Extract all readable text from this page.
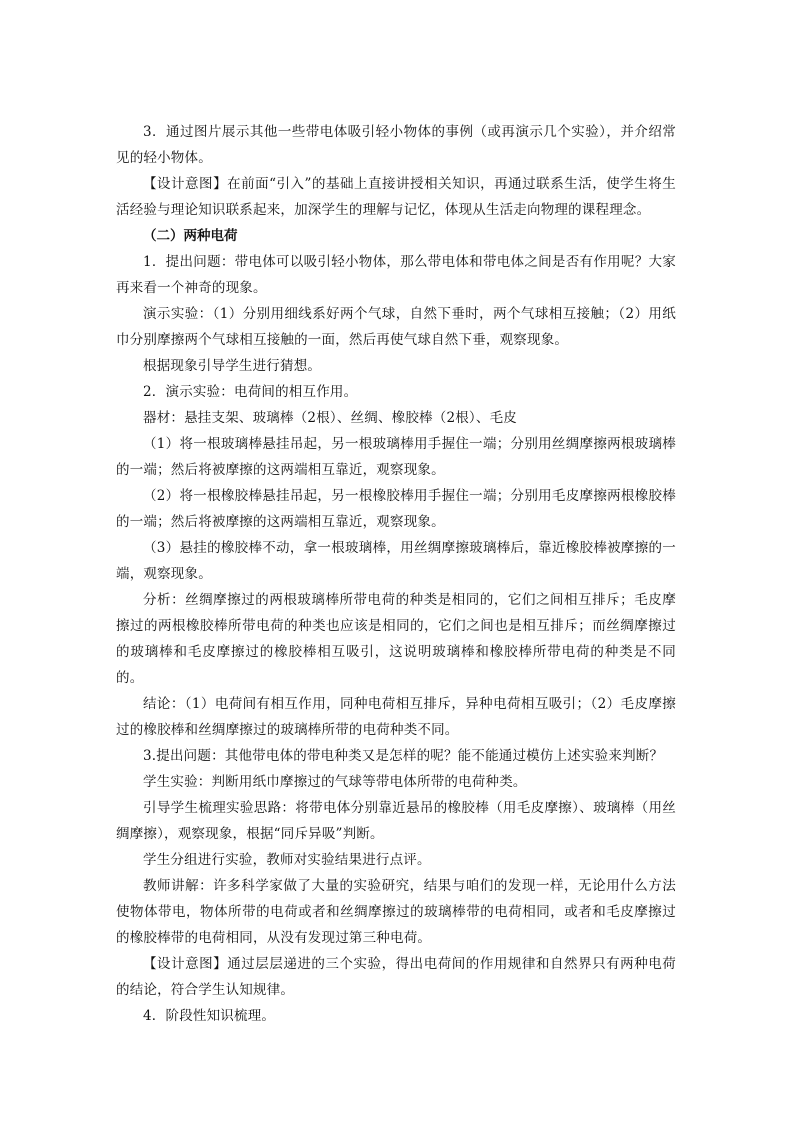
3．通过图片展示其他一些带电体吸引轻小物体的事例（或再演示几个实验），并介绍常见的轻小物体。

【设计意图】在前面“引入”的基础上直接讲授相关知识，再通过联系生活，使学生将生活经验与理论知识联系起来，加深学生的理解与记忆，体现从生活走向物理的课程理念。

（二）两种电荷

1．提出问题：带电体可以吸引轻小物体，那么带电体和带电体之间是否有作用呢？大家再来看一个神奇的现象。

演示实验：（1）分别用细线系好两个气球，自然下垂时，两个气球相互接触；（2）用纸巾分别摩擦两个气球相互接触的一面，然后再使气球自然下垂，观察现象。

根据现象引导学生进行猜想。

2．演示实验：电荷间的相互作用。

器材：悬挂支架、玻璃棒（2根）、丝绸、橡胶棒（2根）、毛皮

（1）将一根玻璃棒悬挂吊起，另一根玻璃棒用手握住一端；分别用丝绸摩擦两根玻璃棒的一端；然后将被摩擦的这两端相互靠近，观察现象。

（2）将一根橡胶棒悬挂吊起，另一根橡胶棒用手握住一端；分别用毛皮摩擦两根橡胶棒的一端；然后将被摩擦的这两端相互靠近，观察现象。

（3）悬挂的橡胶棒不动，拿一根玻璃棒，用丝绸摩擦玻璃棒后，靠近橡胶棒被摩擦的一端，观察现象。

分析：丝绸摩擦过的两根玻璃棒所带电荷的种类是相同的，它们之间相互排斥；毛皮摩擦过的两根橡胶棒所带电荷的种类也应该是相同的，它们之间也是相互排斥；而丝绸摩擦过的玻璃棒和毛皮摩擦过的橡胶棒相互吸引，这说明玻璃棒和橡胶棒所带电荷的种类是不同的。

结论：（1）电荷间有相互作用，同种电荷相互排斥，异种电荷相互吸引；（2）毛皮摩擦过的橡胶棒和丝绸摩擦过的玻璃棒所带的电荷种类不同。

3.提出问题：其他带电体的带电种类又是怎样的呢？能不能通过模仿上述实验来判断？

学生实验：判断用纸巾摩擦过的气球等带电体所带的电荷种类。

引导学生梳理实验思路：将带电体分别靠近悬吊的橡胶棒（用毛皮摩擦）、玻璃棒（用丝绸摩擦），观察现象，根据“同斥异吸”判断。

学生分组进行实验，教师对实验结果进行点评。

教师讲解：许多科学家做了大量的实验研究，结果与咱们的发现一样，无论用什么方法使物体带电，物体所带的电荷或者和丝绸摩擦过的玻璃棒带的电荷相同，或者和毛皮摩擦过的橡胶棒带的电荷相同，从没有发现过第三种电荷。

【设计意图】通过层层递进的三个实验，得出电荷间的作用规律和自然界只有两种电荷的结论，符合学生认知规律。

4．阶段性知识梳理。
